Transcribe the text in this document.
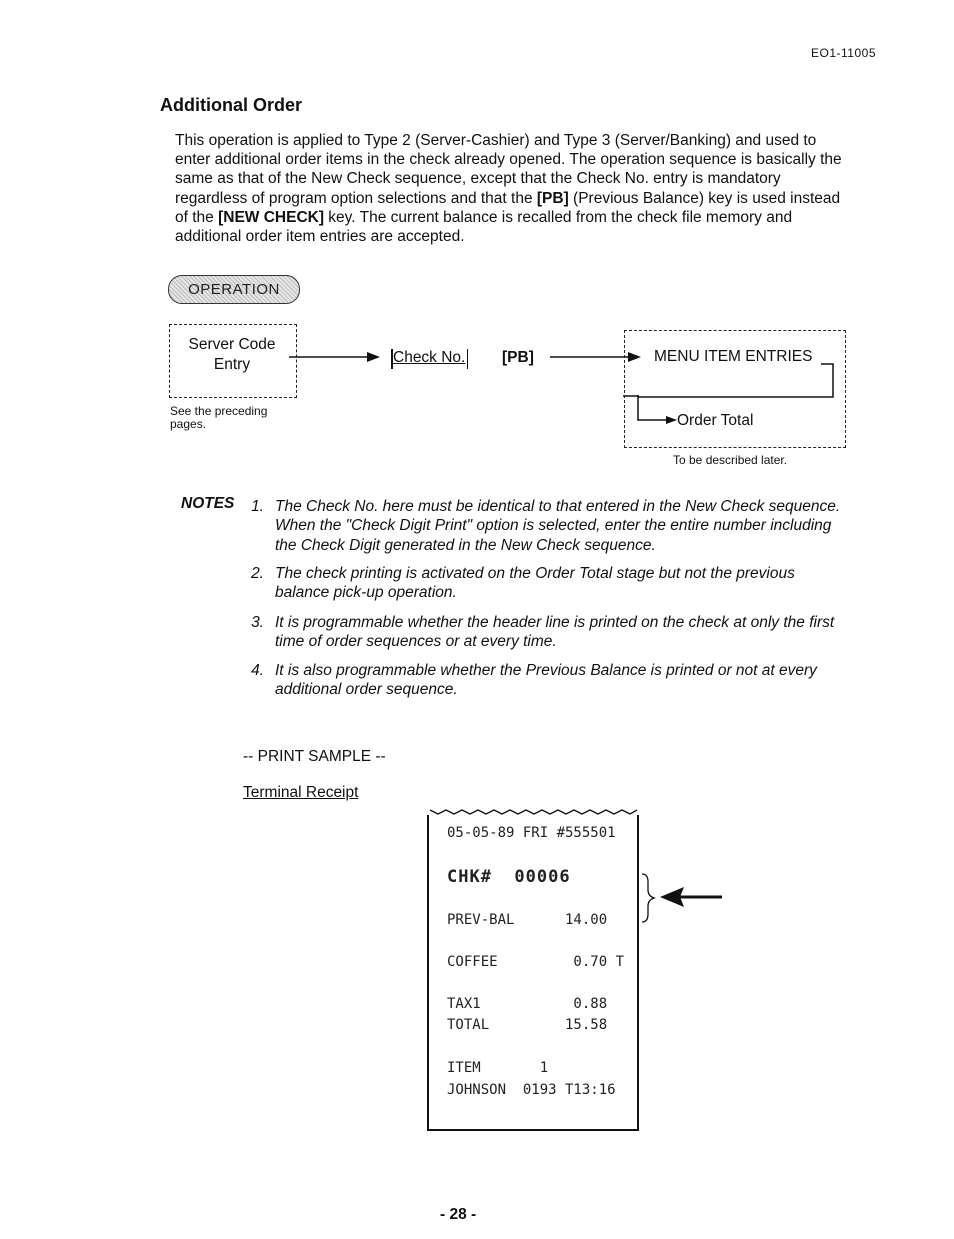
EO1-11005
Additional Order

This operation is applied to Type 2 (Server-Cashier) and Type 3 (Server/Banking) and used to enter additional order items in the check already opened. The operation sequence is basically the same as that of the New Check sequence, except that the Check No. entry is mandatory regardless of program option selections and that the [PB] (Previous Balance) key is used instead of the [NEW CHECK] key. The current balance is recalled from the check file memory and additional order item entries are accepted.

OPERATION
Server Code
Entry
See the preceding
pages.
Check No. [PB]	MENU ITEM ENTRIES
Order Total
To be described later.
NOTES	1. The Check No. here must be identical to that entered in the New Check sequence. When the "Check Digit Print" option is selected, enter the entire number including the Check Digit generated in the New Check sequence.
2. The check printing is activated on the Order Total stage but not the previous balance pick-up operation.
3. It is programmable whether the header line is printed on the check at only the first time of order sequences or at every time.
4. It is also programmable whether the Previous Balance is printed or not at every additional order sequence.
-- PRINT SAMPLE --
Terminal Receipt
05-05-89 FRI #555501
CHK#  00006
PREV-BAL      14.00
COFFEE         0.70 T
TAX1           0.88
TOTAL         15.58
ITEM       1
JOHNSON  0193 T13:16
- 28 -
